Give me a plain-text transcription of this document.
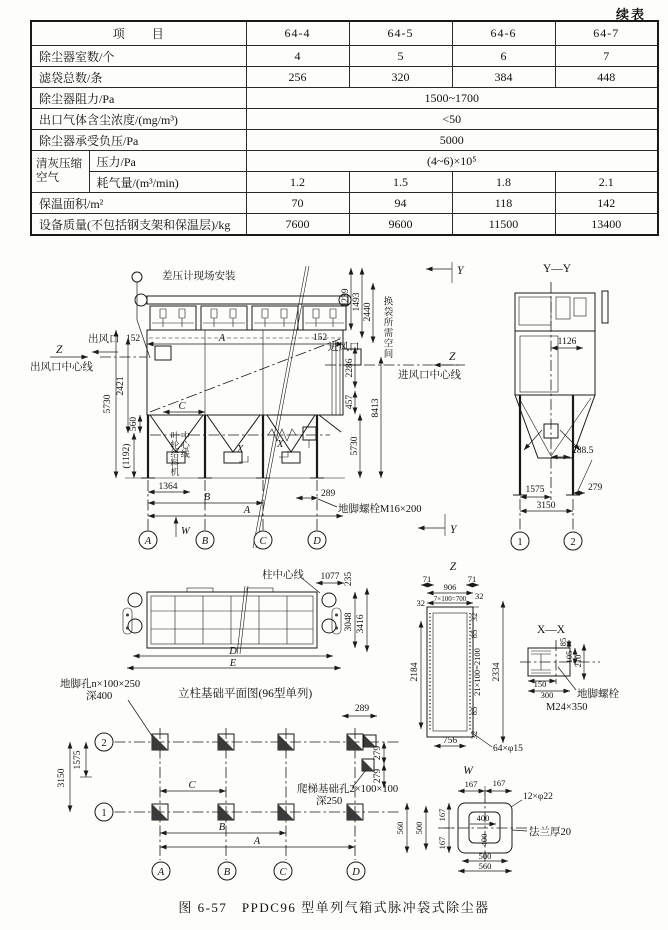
续表
项　　目		64-4	64-5	64-6	64-7
除尘器室数/个		4	5	6	7
滤袋总数/条		256	320	384	448
除尘器阻力/Pa		1500~1700			
出口气体含尘浓度/(mg/m³)		<50			
除尘器承受负压/Pa		5000			
清灰压缩空气	压力/Pa	(4~6)×10⁵			
	耗气量/(m³/min)	1.2	1.5	1.8	2.1
保温面积/m²		70	94	118	142
设备质量(不包括钢支架和保温层)/kg		7600	9600	11500	13400
差压计现场安装
出风口
Z
出风口中心线
152	A	152
进风口
Z
进风口中心线
Y
Y
1239 1493
2440
2286
457
5730
8413
5730
2421
560
(1192)
C
1364
B
A
X	X
W
289
地脚螺栓M16×200
A	B	C	D
Y—Y
1126
288.5
279
1575
3150
1	2
柱中心线 1077 235
3048 3416
D
E
立柱基础平面图(96型单列)
地脚孔n×100×250
深400
289
279
279
1575
3150	C
B
A
爬梯基础孔2×100×100
深250
2
1
A	B	C	D
Z
71
906
71
32 7×100=700 32
2184
32
85
21×100=2100
85
32
2334
756
64×φ15
X—X
85
105 210
150
300 地脚螺栓
M24×350
W
167 167
12×φ22
400
400
法兰厚20
560 500
167
167
500
560
换袋所需空间
叶轮给料机中心线
图 6-57　PPDC96 型单列气箱式脉冲袋式除尘器
